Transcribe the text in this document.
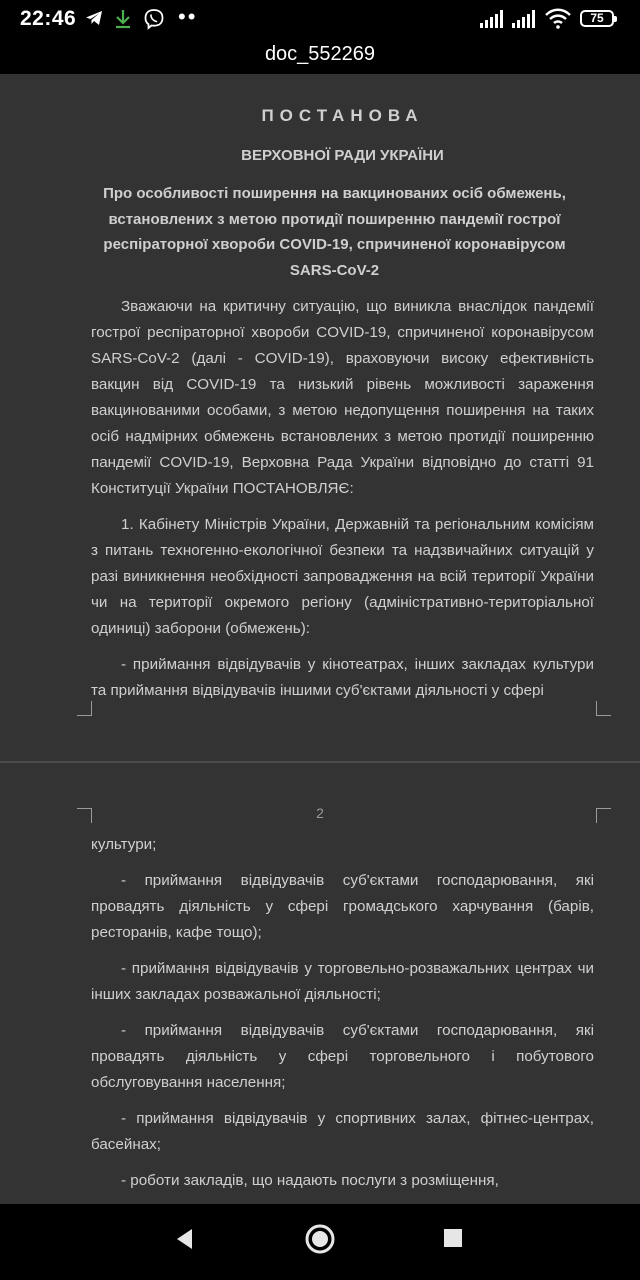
22:46	••	75
doc_552269
ПОСТАНОВА
ВЕРХОВНОЇ РАДИ УКРАЇНИ
Про особливості поширення на вакцинованих осіб обмежень, встановлених з метою протидії поширенню пандемії гострої респіраторної хвороби COVID-19, спричиненої коронавірусом SARS-CoV-2

Зважаючи на критичну ситуацію, що виникла внаслідок пандемії гострої респіраторної хвороби COVID-19, спричиненої коронавірусом SARS-CoV-2 (далі - COVID-19), враховуючи високу ефективність вакцин від COVID-19 та низький рівень можливості зараження вакцинованими особами, з метою недопущення поширення на таких осіб надмірних обмежень встановлених з метою протидії поширенню пандемії COVID-19, Верховна Рада України відповідно до статті 91 Конституції України ПОСТАНОВЛЯЄ:

1. Кабінету Міністрів України, Державній та регіональним комісіям з питань техногенно-екологічної безпеки та надзвичайних ситуацій у разі виникнення необхідності запровадження на всій території України чи на території окремого регіону (адміністративно-територіальної одиниці) заборони (обмежень):

- приймання відвідувачів у кінотеатрах, інших закладах культури та приймання відвідувачів іншими суб'єктами діяльності у сфері

2

культури;

- приймання відвідувачів суб'єктами господарювання, які провадять діяльність у сфері громадського харчування (барів, ресторанів, кафе тощо);

- приймання відвідувачів у торговельно-розважальних центрах чи інших закладах розважальної діяльності;

- приймання відвідувачів суб'єктами господарювання, які провадять діяльність у сфері торговельного і побутового обслуговування населення;

- приймання відвідувачів у спортивних залах, фітнес-центрах, басейнах;

- роботи закладів, що надають послуги з розміщення,
